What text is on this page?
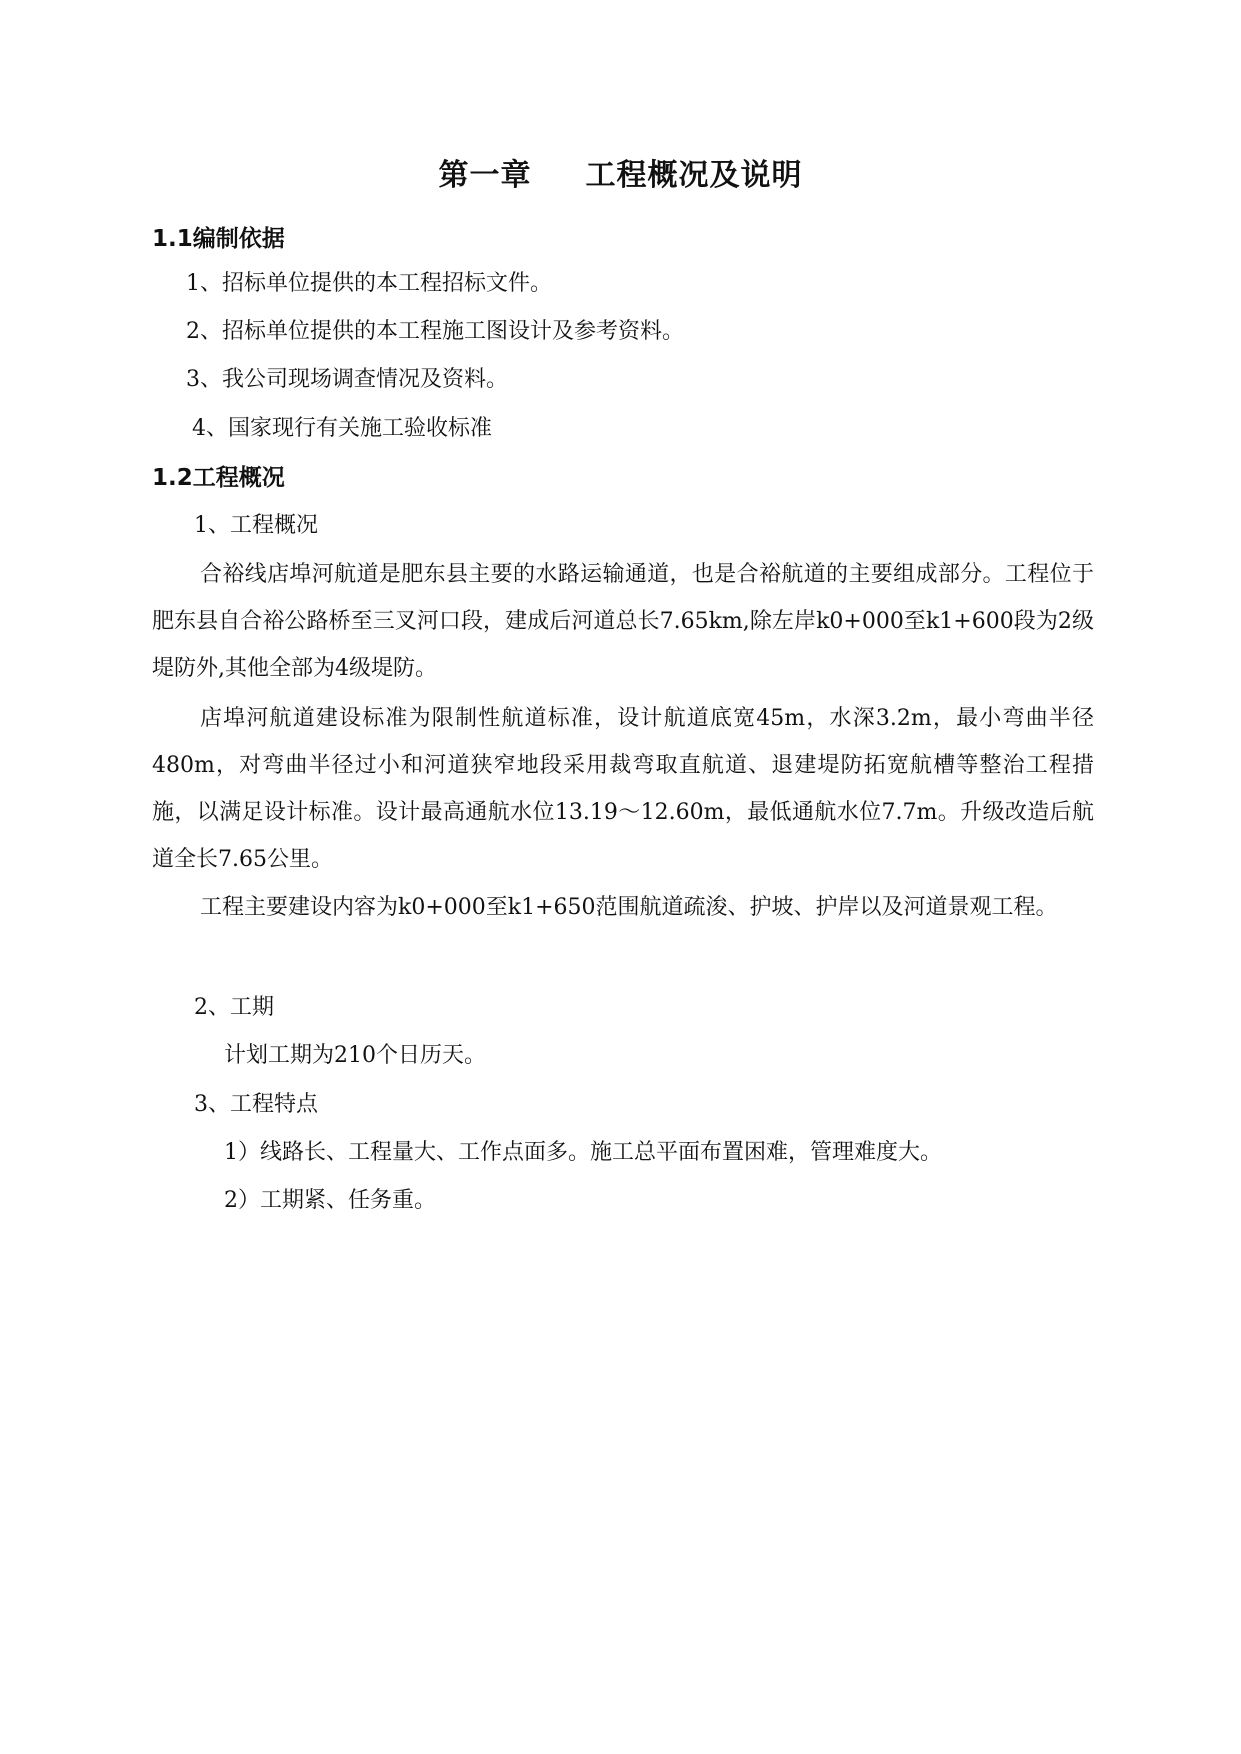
第一章 工程概况及说明
1.1编制依据
1、招标单位提供的本工程招标文件。
2、招标单位提供的本工程施工图设计及参考资料。
3、我公司现场调查情况及资料。
4、国家现行有关施工验收标准
1.2工程概况
1、工程概况

合裕线店埠河航道是肥东县主要的水路运输通道，也是合裕航道的主要组成部分。工程位于肥东县自合裕公路桥至三叉河口段，建成后河道总长7.65km,除左岸k0+000至k1+600段为2级堤防外,其他全部为4级堤防。

店埠河航道建设标准为限制性航道标准，设计航道底宽45m，水深3.2m，最小弯曲半径480m，对弯曲半径过小和河道狭窄地段采用裁弯取直航道、退建堤防拓宽航槽等整治工程措施，以满足设计标准。设计最高通航水位13.19～12.60m，最低通航水位7.7m。升级改造后航道全长7.65公里。

工程主要建设内容为k0+000至k1+650范围航道疏浚、护坡、护岸以及河道景观工程。

2、工期
计划工期为210个日历天。
3、工程特点
1）线路长、工程量大、工作点面多。施工总平面布置困难，管理难度大。
2）工期紧、任务重。
